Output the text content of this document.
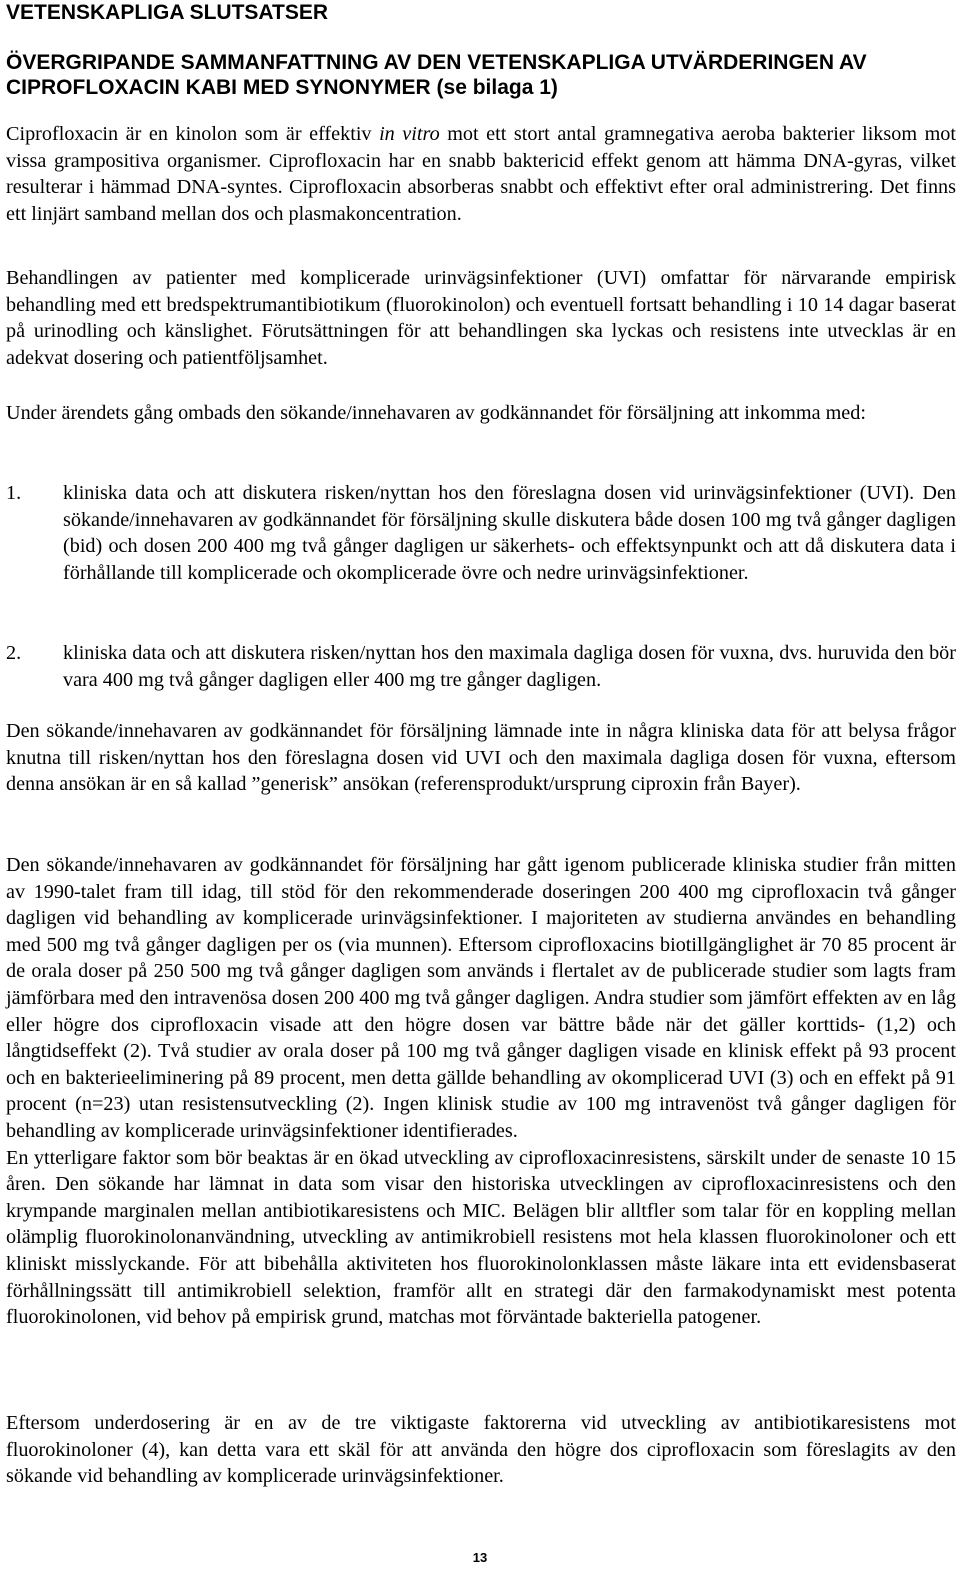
VETENSKAPLIGA SLUTSATSER
ÖVERGRIPANDE SAMMANFATTNING AV DEN VETENSKAPLIGA UTVÄRDERINGEN AV CIPROFLOXACIN KABI MED SYNONYMER (se bilaga 1)

Ciprofloxacin är en kinolon som är effektiv in vitro mot ett stort antal gramnegativa aeroba bakterier liksom mot vissa grampositiva organismer. Ciprofloxacin har en snabb baktericid effekt genom att hämma DNA-gyras, vilket resulterar i hämmad DNA-syntes. Ciprofloxacin absorberas snabbt och effektivt efter oral administrering. Det finns ett linjärt samband mellan dos och plasmakoncentration.

Behandlingen av patienter med komplicerade urinvägsinfektioner (UVI) omfattar för närvarande empirisk behandling med ett bredspektrumantibiotikum (fluorokinolon) och eventuell fortsatt behandling i 10 14 dagar baserat på urinodling och känslighet. Förutsättningen för att behandlingen ska lyckas och resistens inte utvecklas är en adekvat dosering och patientföljsamhet.

Under ärendets gång ombads den sökande/innehavaren av godkännandet för försäljning att inkomma med:

1.	kliniska data och att diskutera risken/nyttan hos den föreslagna dosen vid urinvägsinfektioner (UVI). Den sökande/innehavaren av godkännandet för försäljning skulle diskutera både dosen 100 mg två gånger dagligen (bid) och dosen 200 400 mg två gånger dagligen ur säkerhets- och effektsynpunkt och att då diskutera data i förhållande till komplicerade och okomplicerade övre och nedre urinvägsinfektioner.
2.	kliniska data och att diskutera risken/nyttan hos den maximala dagliga dosen för vuxna, dvs. huruvida den bör vara 400 mg två gånger dagligen eller 400 mg tre gånger dagligen.

Den sökande/innehavaren av godkännandet för försäljning lämnade inte in några kliniska data för att belysa frågor knutna till risken/nyttan hos den föreslagna dosen vid UVI och den maximala dagliga dosen för vuxna, eftersom denna ansökan är en så kallad ”generisk” ansökan (referensprodukt/ursprung ciproxin från Bayer).

Den sökande/innehavaren av godkännandet för försäljning har gått igenom publicerade kliniska studier från mitten av 1990-talet fram till idag, till stöd för den rekommenderade doseringen 200 400 mg ciprofloxacin två gånger dagligen vid behandling av komplicerade urinvägsinfektioner. I majoriteten av studierna användes en behandling med 500 mg två gånger dagligen per os (via munnen). Eftersom ciprofloxacins biotillgänglighet är 70 85 procent är de orala doser på 250 500 mg två gånger dagligen som används i flertalet av de publicerade studier som lagts fram jämförbara med den intravenösa dosen 200 400 mg två gånger dagligen. Andra studier som jämfört effekten av en låg eller högre dos ciprofloxacin visade att den högre dosen var bättre både när det gäller korttids- (1,2) och långtidseffekt (2). Två studier av orala doser på 100 mg två gånger dagligen visade en klinisk effekt på 93 procent och en bakterieeliminering på 89 procent, men detta gällde behandling av okomplicerad UVI (3) och en effekt på 91 procent (n=23) utan resistensutveckling (2). Ingen klinisk studie av 100 mg intravenöst två gånger dagligen för behandling av komplicerade urinvägsinfektioner identifierades.

En ytterligare faktor som bör beaktas är en ökad utveckling av ciprofloxacinresistens, särskilt under de senaste 10 15 åren. Den sökande har lämnat in data som visar den historiska utvecklingen av ciprofloxacinresistens och den krympande marginalen mellan antibiotikaresistens och MIC. Belägen blir alltfler som talar för en koppling mellan olämplig fluorokinolonanvändning, utveckling av antimikrobiell resistens mot hela klassen fluorokinoloner och ett kliniskt misslyckande. För att bibehålla aktiviteten hos fluorokinolonklassen måste läkare inta ett evidensbaserat förhållningssätt till antimikrobiell selektion, framför allt en strategi där den farmakodynamiskt mest potenta fluorokinolonen, vid behov på empirisk grund, matchas mot förväntade bakteriella patogener.

Eftersom underdosering är en av de tre viktigaste faktorerna vid utveckling av antibiotikaresistens mot fluorokinoloner (4), kan detta vara ett skäl för att använda den högre dos ciprofloxacin som föreslagits av den sökande vid behandling av komplicerade urinvägsinfektioner.

13
